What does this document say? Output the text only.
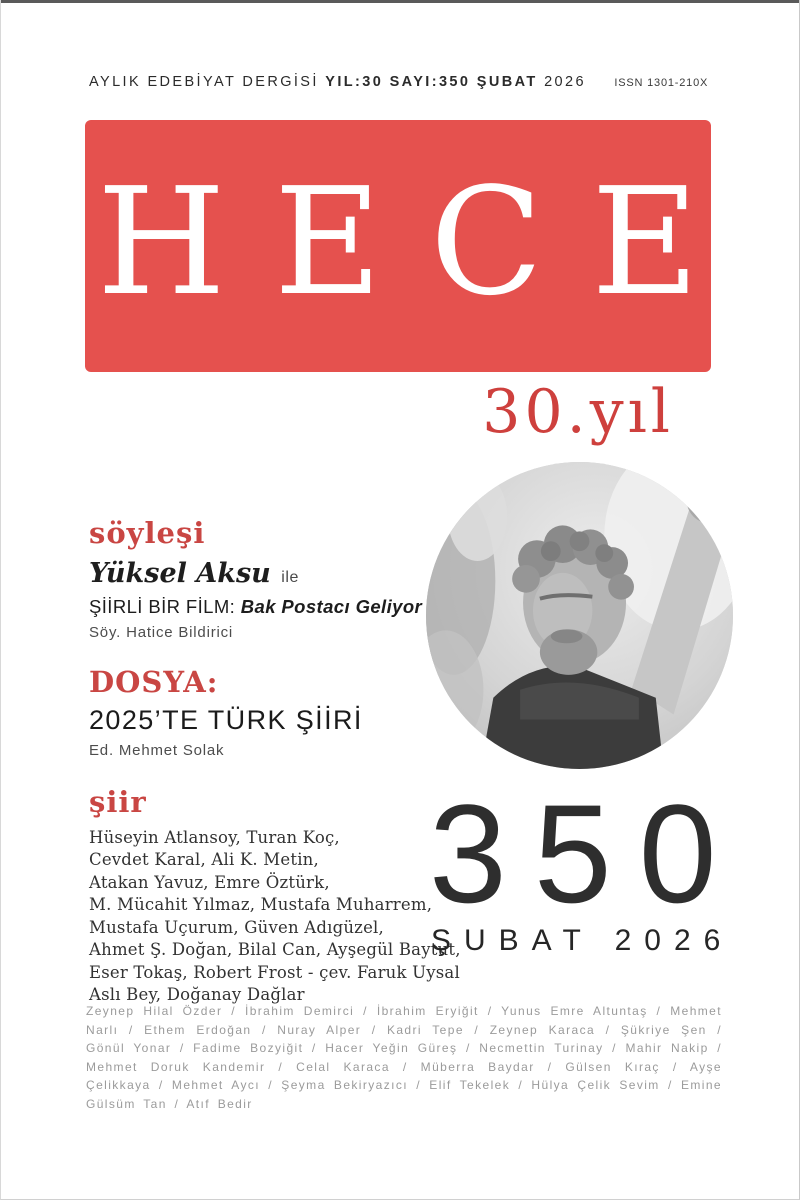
AYLIK EDEBİYAT DERGİSİ YIL:30 SAYI:350 ŞUBAT 2026	ISSN 1301-210X
HECE
30.yıl
söyleşi
Yüksel Aksu ile
ŞİİRLİ BİR FİLM: Bak Postacı Geliyor
Söy. Hatice Bildirici
DOSYA:
2025’TE TÜRK ŞİİRİ
Ed. Mehmet Solak
şiir
Hüseyin Atlansoy, Turan Koç,
Cevdet Karal, Ali K. Metin,
Atakan Yavuz, Emre Öztürk,
M. Mücahit Yılmaz, Mustafa Muharrem,
Mustafa Uçurum, Güven Adıgüzel,
Ahmet Ş. Doğan, Bilal Can, Ayşegül Baytut,
Eser Tokaş, Robert Frost - çev. Faruk Uysal
Aslı Bey, Doğanay Dağlar
350
ŞUBAT 2026
Zeynep Hilal Özder / İbrahim Demirci / İbrahim Eryiğit / Yunus Emre Altuntaş / Mehmet Narlı / Ethem Erdoğan / Nuray Alper / Kadri Tepe / Zeynep Karaca / Şükriye Şen / Gönül Yonar / Fadime Bozyiğit / Hacer Yeğin Güreş / Necmettin Turinay / Mahir Nakip / Mehmet Doruk Kandemir / Celal Karaca / Müberra Baydar / Gülsen Kıraç / Ayşe Çelikkaya / Mehmet Aycı / Şeyma Bekiryazıcı / Elif Tekelek / Hülya Çelik Sevim / Emine Gülsüm Tan / Atıf Bedir
